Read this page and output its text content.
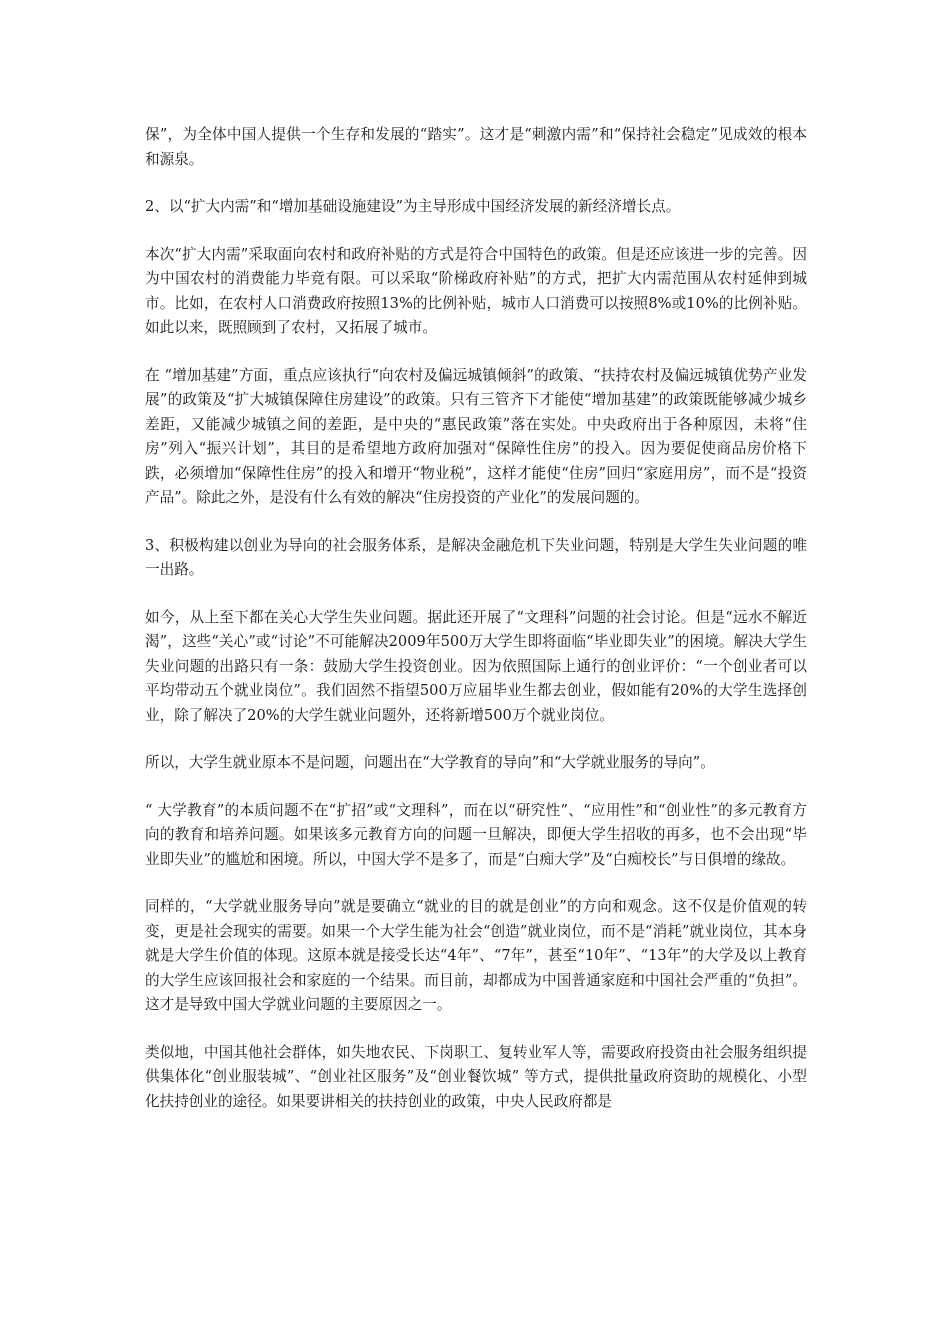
保”，为全体中国人提供一个生存和发展的“踏实”。这才是“刺激内需”和“保持社会稳定”见成效的根本和源泉。

2、以“扩大内需”和“增加基础设施建设”为主导形成中国经济发展的新经济增长点。

本次“扩大内需”采取面向农村和政府补贴的方式是符合中国特色的政策。但是还应该进一步的完善。因为中国农村的消费能力毕竟有限。可以采取“阶梯政府补贴”的方式，把扩大内需范围从农村延伸到城市。比如，在农村人口消费政府按照13%的比例补贴，城市人口消费可以按照8%或10%的比例补贴。如此以来，既照顾到了农村，又拓展了城市。

在 “增加基建”方面，重点应该执行“向农村及偏远城镇倾斜”的政策、“扶持农村及偏远城镇优势产业发展”的政策及“扩大城镇保障住房建设”的政策。只有三管齐下才能使“增加基建”的政策既能够减少城乡差距，又能减少城镇之间的差距，是中央的“惠民政策”落在实处。中央政府出于各种原因，未将“住房”列入“振兴计划”，其目的是希望地方政府加强对“保障性住房”的投入。因为要促使商品房价格下跌，必须增加“保障性住房”的投入和增开“物业税”，这样才能使“住房”回归“家庭用房”，而不是“投资产品”。除此之外，是没有什么有效的解决“住房投资的产业化”的发展问题的。

3、积极构建以创业为导向的社会服务体系，是解决金融危机下失业问题，特别是大学生失业问题的唯一出路。

如今，从上至下都在关心大学生失业问题。据此还开展了“文理科”问题的社会讨论。但是“远水不解近渴”，这些“关心”或“讨论”不可能解决2009年500万大学生即将面临“毕业即失业”的困境。解决大学生失业问题的出路只有一条：鼓励大学生投资创业。因为依照国际上通行的创业评价：“一个创业者可以平均带动五个就业岗位”。我们固然不指望500万应届毕业生都去创业，假如能有20%的大学生选择创业，除了解决了20%的大学生就业问题外，还将新增500万个就业岗位。

所以，大学生就业原本不是问题，问题出在“大学教育的导向”和“大学就业服务的导向”。

“ 大学教育”的本质问题不在“扩招”或“文理科”，而在以“研究性”、“应用性”和“创业性”的多元教育方向的教育和培养问题。如果该多元教育方向的问题一旦解决，即便大学生招收的再多，也不会出现“毕业即失业”的尴尬和困境。所以，中国大学不是多了，而是“白痴大学”及“白痴校长”与日俱增的缘故。

同样的，“大学就业服务导向”就是要确立“就业的目的就是创业”的方向和观念。这不仅是价值观的转变，更是社会现实的需要。如果一个大学生能为社会“创造”就业岗位，而不是“消耗”就业岗位，其本身就是大学生价值的体现。这原本就是接受长达“4年”、“7年”，甚至“10年”、“13年”的大学及以上教育的大学生应该回报社会和家庭的一个结果。而目前，却都成为中国普通家庭和中国社会严重的“负担”。这才是导致中国大学就业问题的主要原因之一。

类似地，中国其他社会群体，如失地农民、下岗职工、复转业军人等，需要政府投资由社会服务组织提供集体化“创业服装城”、“创业社区服务”及“创业餐饮城” 等方式，提供批量政府资助的规模化、小型化扶持创业的途径。如果要讲相关的扶持创业的政策，中央人民政府都是
